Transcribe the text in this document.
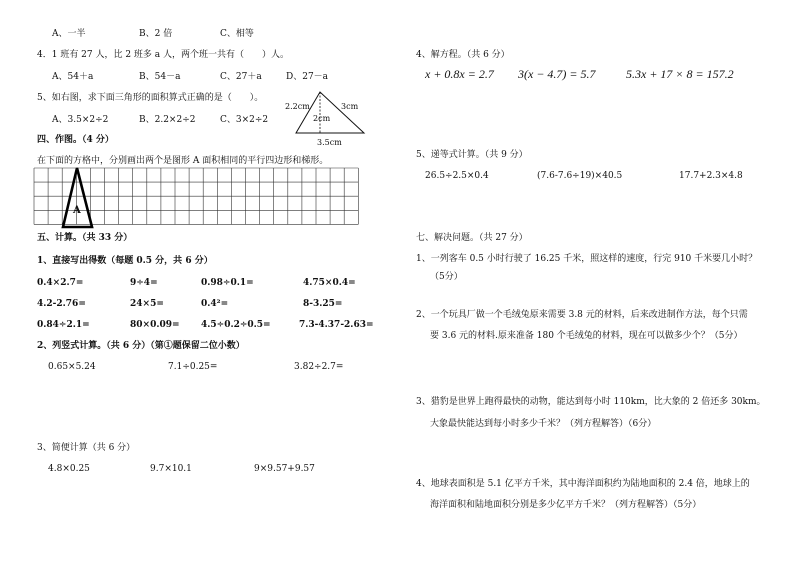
A、一半	B、2 倍	C、相等
4．1 班有 27 人，比 2 班多 a 人，两个班一共有（　　）人。
A、54＋a	B、54－a	C、27＋a	D、27－a
5、如右图，求下面三角形的面积算式正确的是（　　）。
A、3.5×2÷2	B、2.2×2÷2	C、3×2÷2
2.2cm	3cm
2cm
3.5cm
四、作图。（4 分）
在下面的方格中，分别画出两个是图形 A 面积相同的平行四边形和梯形。
A
五、计算。（共 33 分）
1、直接写出得数（每题 0.5 分，共 6 分）
0.4×2.7=	9÷4=	0.98÷0.1=	4.75×0.4=
4.2-2.76=	24×5=	0.4²=	8-3.25=
0.84÷2.1=	80×0.09= 4.5÷0.2÷0.5=	7.3-4.37-2.63=
2、列竖式计算。（共 6 分）（第①题保留二位小数）
0.65×5.24	7.1÷0.25=	3.82÷2.7=
3、简便计算（共 6 分）
4.8×0.25	9.7×10.1	9×9.57+9.57
4、解方程。（共 6 分）
x + 0.8x = 2.7 3(x − 4.7) = 5.7	5.3x + 17 × 8 = 157.2
5、递等式计算。（共 9 分）
26.5÷2.5×0.4	(7.6-7.6÷19)×40.5	17.7+2.3×4.8
七、解决问题。（共 27 分）
1、一列客车 0.5 小时行驶了 16.25 千米，照这样的速度，行完 910 千米要几小时？
（5分）
2、一个玩具厂做一个毛绒兔原来需要 3.8 元的材料，后来改进制作方法，每个只需
要 3.6 元的材料.原来准备 180 个毛绒兔的材料，现在可以做多少个？（5分）
3、猎豹是世界上跑得最快的动物，能达到每小时 110km，比大象的 2 倍还多 30km。
大象最快能达到每小时多少千米？（列方程解答）（6分）
4、地球表面积是 5.1 亿平方千米，其中海洋面积约为陆地面积的 2.4 倍，地球上的
海洋面积和陆地面积分别是多少亿平方千米？（列方程解答）（5分）
